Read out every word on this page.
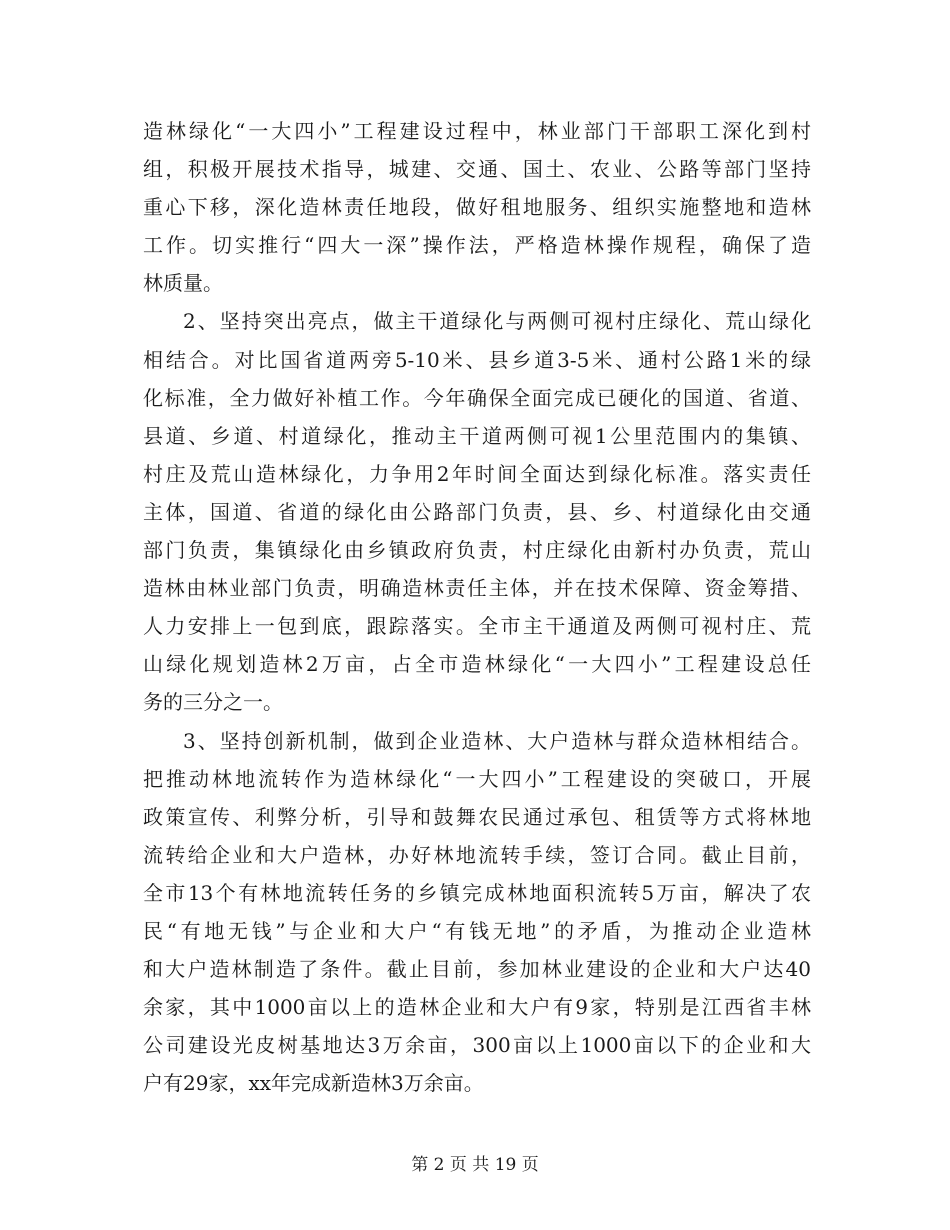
造林绿化“一大四小”工程建设过程中，林业部门干部职工深化到村
组，积极开展技术指导，城建、交通、国土、农业、公路等部门坚持
重心下移，深化造林责任地段，做好租地服务、组织实施整地和造林
工作。切实推行“四大一深”操作法，严格造林操作规程，确保了造
林质量。
2、坚持突出亮点，做主干道绿化与两侧可视村庄绿化、荒山绿化
相结合。对比国省道两旁5-10米、县乡道3-5米、通村公路1米的绿
化标准，全力做好补植工作。今年确保全面完成已硬化的国道、省道、
县道、乡道、村道绿化，推动主干道两侧可视1公里范围内的集镇、
村庄及荒山造林绿化，力争用2年时间全面达到绿化标准。落实责任
主体，国道、省道的绿化由公路部门负责，县、乡、村道绿化由交通
部门负责，集镇绿化由乡镇政府负责，村庄绿化由新村办负责，荒山
造林由林业部门负责，明确造林责任主体，并在技术保障、资金筹措、
人力安排上一包到底，跟踪落实。全市主干通道及两侧可视村庄、荒
山绿化规划造林2万亩，占全市造林绿化“一大四小”工程建设总任
务的三分之一。
3、坚持创新机制，做到企业造林、大户造林与群众造林相结合。
把推动林地流转作为造林绿化“一大四小”工程建设的突破口，开展
政策宣传、利弊分析，引导和鼓舞农民通过承包、租赁等方式将林地
流转给企业和大户造林，办好林地流转手续，签订合同。截止目前，
全市13个有林地流转任务的乡镇完成林地面积流转5万亩，解决了农
民“有地无钱”与企业和大户“有钱无地”的矛盾，为推动企业造林
和大户造林制造了条件。截止目前，参加林业建设的企业和大户达40
余家，其中1000亩以上的造林企业和大户有9家，特别是江西省丰林
公司建设光皮树基地达3万余亩，300亩以上1000亩以下的企业和大
户有29家，xx年完成新造林3万余亩。
第 2 页 共 19 页
